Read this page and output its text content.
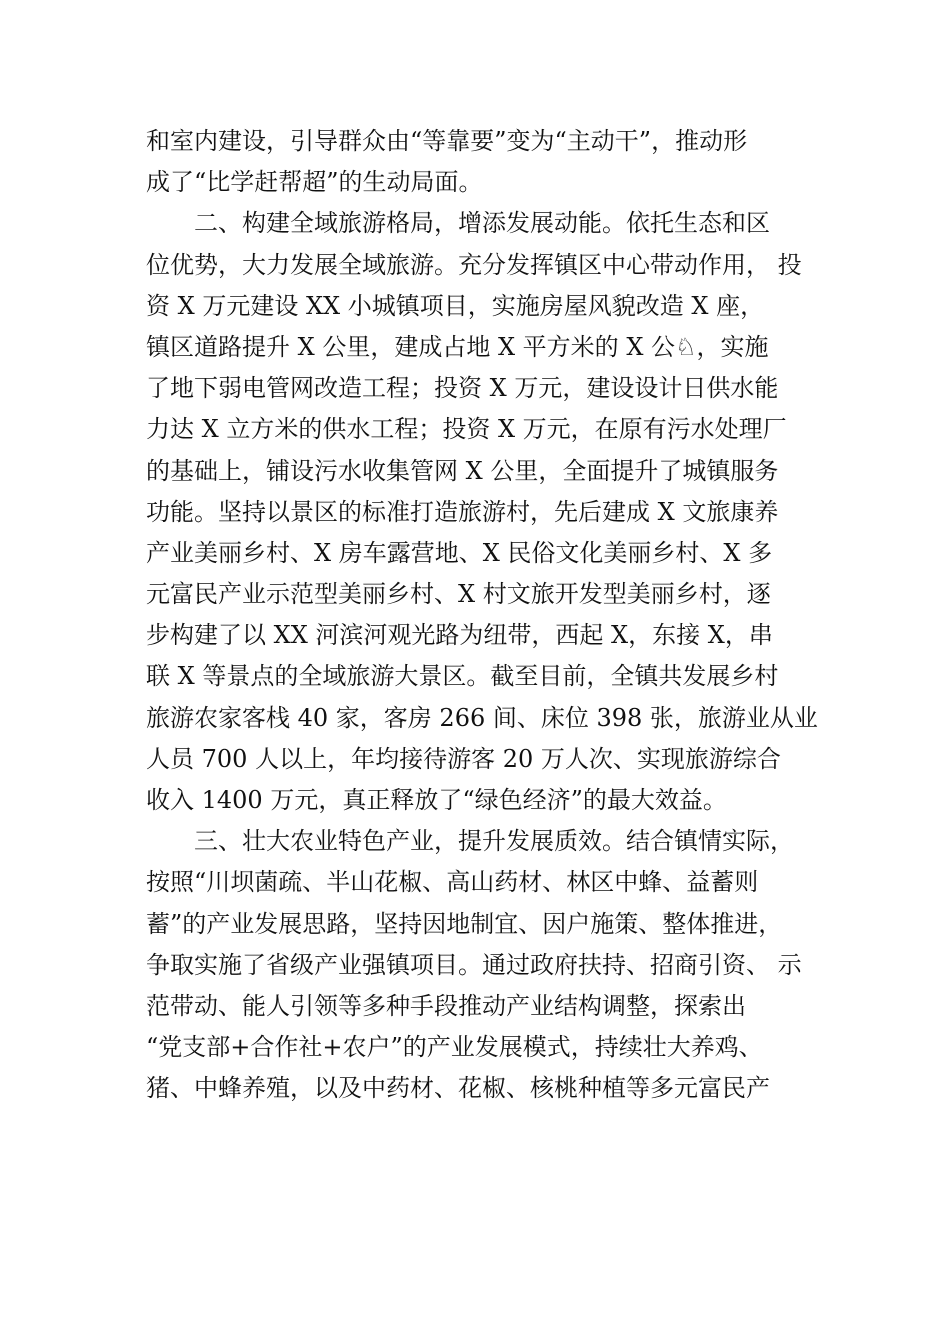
和室内建设，引导群众由“等靠要”变为“主动干”，推动形
成了“比学赶帮超”的生动局面。
二、构建全域旅游格局，增添发展动能。依托生态和区
位优势，大力发展全域旅游。充分发挥镇区中心带动作用， 投
资 X 万元建设 XX 小城镇项目，实施房屋风貌改造 X 座，
镇区道路提升 X 公里，建成占地 X 平方米的 X 公♘，实施
了地下弱电管网改造工程；投资 X 万元，建设设计日供水能
力达 X 立方米的供水工程；投资 X 万元，在原有污水处理厂
的基础上，铺设污水收集管网 X 公里，全面提升了城镇服务
功能。坚持以景区的标准打造旅游村，先后建成 X 文旅康养
产业美丽乡村、X 房车露营地、X 民俗文化美丽乡村、X 多
元富民产业示范型美丽乡村、X 村文旅开发型美丽乡村，逐
步构建了以 XX 河滨河观光路为纽带，西起 X，东接 X，串
联 X 等景点的全域旅游大景区。截至目前，全镇共发展乡村
旅游农家客栈 40 家，客房 266 间、床位 398 张，旅游业从业
人员 700 人以上，年均接待游客 20 万人次、实现旅游综合
收入 1400 万元，真正释放了“绿色经济”的最大效益。
三、壮大农业特色产业，提升发展质效。结合镇情实际，
按照“川坝菌疏、半山花椒、高山药材、林区中蜂、益蓄则
蓄”的产业发展思路，坚持因地制宜、因户施策、整体推进，
争取实施了省级产业强镇项目。通过政府扶持、招商引资、 示
范带动、能人引领等多种手段推动产业结构调整，探索出
“党支部+合作社+农户”的产业发展模式，持续壮大养鸡、
猪、中蜂养殖，以及中药材、花椒、核桃种植等多元富民产
